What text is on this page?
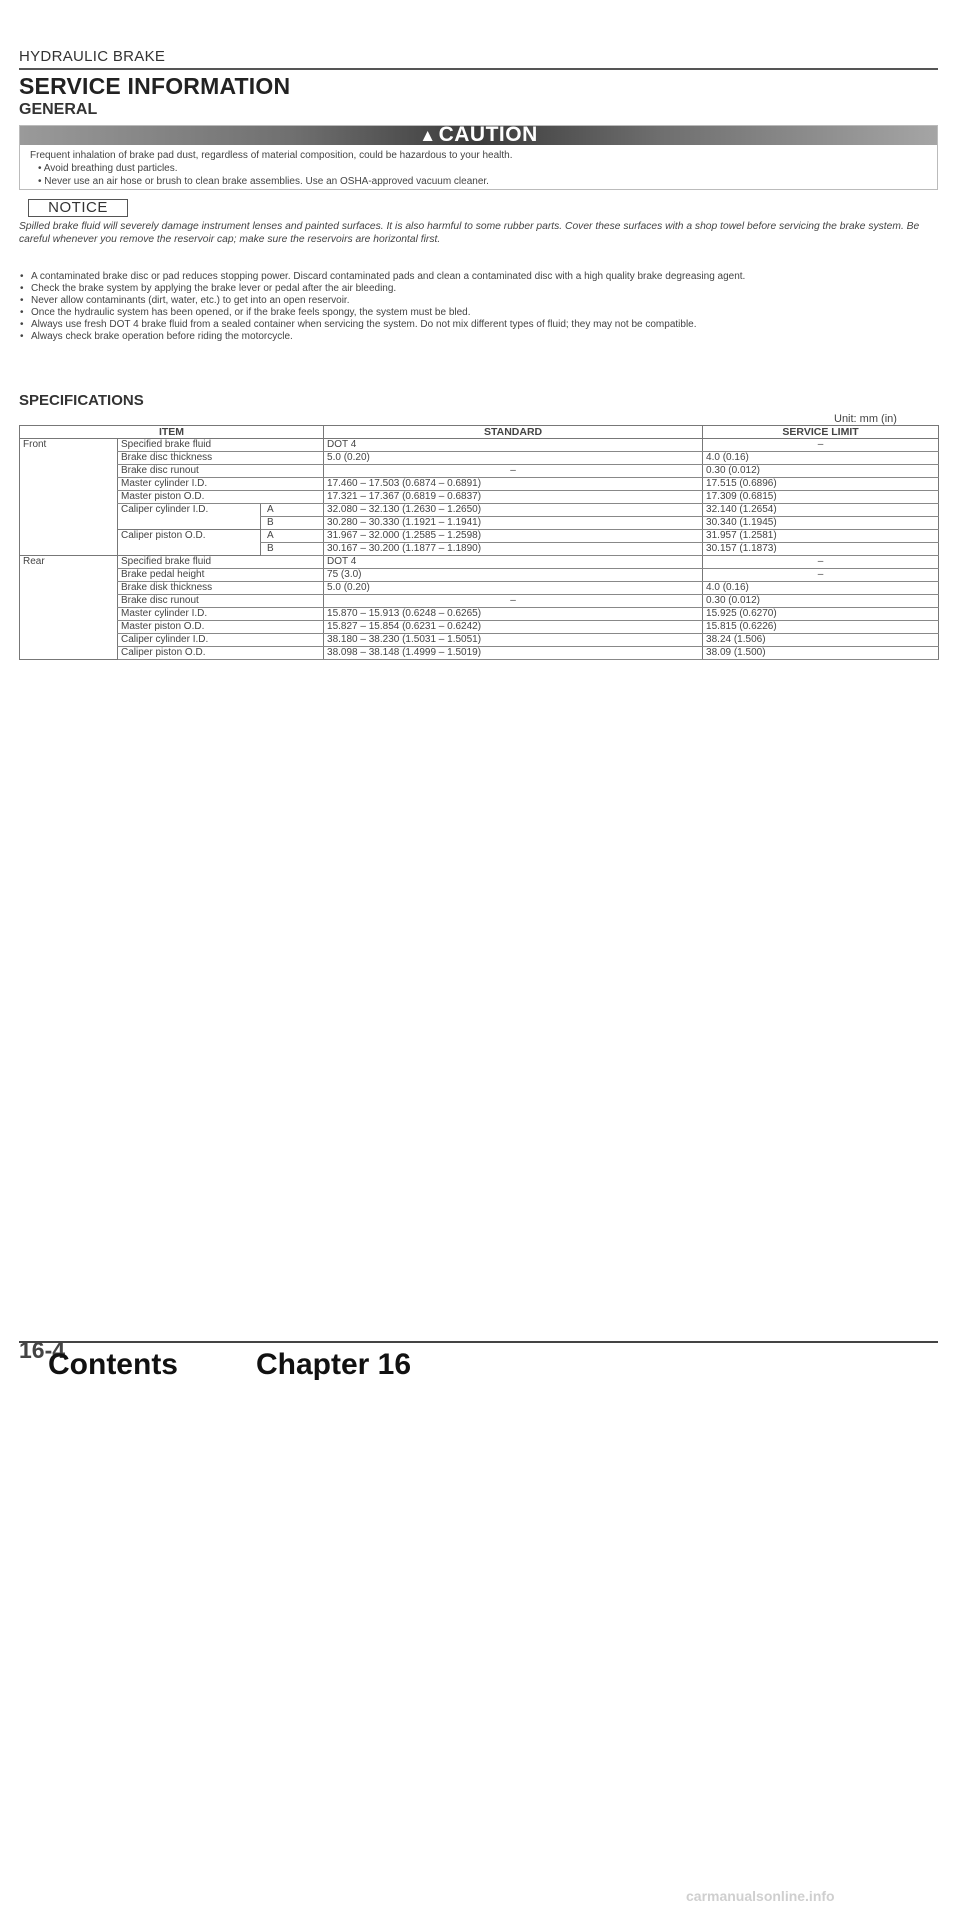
HYDRAULIC BRAKE
SERVICE INFORMATION
GENERAL
▲CAUTION
Frequent inhalation of brake pad dust, regardless of material composition, could be hazardous to your health.
• Avoid breathing dust particles.
• Never use an air hose or brush to clean brake assemblies. Use an OSHA-approved vacuum cleaner.
NOTICE
Spilled brake fluid will severely damage instrument lenses and painted surfaces. It is also harmful to some rubber parts. Cover these surfaces with a shop towel before servicing the brake system. Be careful whenever you remove the reservoir cap; make sure the reservoirs are horizontal first.
• A contaminated brake disc or pad reduces stopping power. Discard contaminated pads and clean a contaminated disc with a high quality brake degreasing agent.
• Check the brake system by applying the brake lever or pedal after the air bleeding.
• Never allow contaminants (dirt, water, etc.) to get into an open reservoir.
• Once the hydraulic system has been opened, or if the brake feels spongy, the system must be bled.
• Always use fresh DOT 4 brake fluid from a sealed container when servicing the system. Do not mix different types of fluid; they may not be compatible.
• Always check brake operation before riding the motorcycle.
SPECIFICATIONS
Unit: mm (in)
ITEM			STANDARD	SERVICE LIMIT
Front	Specified brake fluid		DOT 4	–
	Brake disc thickness		5.0 (0.20)	4.0 (0.16)
	Brake disc runout		–	0.30 (0.012)
	Master cylinder I.D.		17.460 – 17.503 (0.6874 – 0.6891)	17.515 (0.6896)
	Master piston O.D.		17.321 – 17.367 (0.6819 – 0.6837)	17.309 (0.6815)
	Caliper cylinder I.D.	A	32.080 – 32.130 (1.2630 – 1.2650)	32.140 (1.2654)
		B	30.280 – 30.330 (1.1921 – 1.1941)	30.340 (1.1945)
	Caliper piston O.D.	A	31.967 – 32.000 (1.2585 – 1.2598)	31.957 (1.2581)
		B	30.167 – 30.200 (1.1877 – 1.1890)	30.157 (1.1873)
Rear	Specified brake fluid		DOT 4	–
	Brake pedal height		75 (3.0)	–
	Brake disk thickness		5.0 (0.20)	4.0 (0.16)
	Brake disc runout		–	0.30 (0.012)
	Master cylinder I.D.		15.870 – 15.913 (0.6248 – 0.6265)	15.925 (0.6270)
	Master piston O.D.		15.827 – 15.854 (0.6231 – 0.6242)	15.815 (0.6226)
	Caliper cylinder I.D.		38.180 – 38.230 (1.5031 – 1.5051)	38.24 (1.506)
	Caliper piston O.D.		38.098 – 38.148 (1.4999 – 1.5019)	38.09 (1.500)
16-4
Contents	Chapter 16
carmanualsonline.info
